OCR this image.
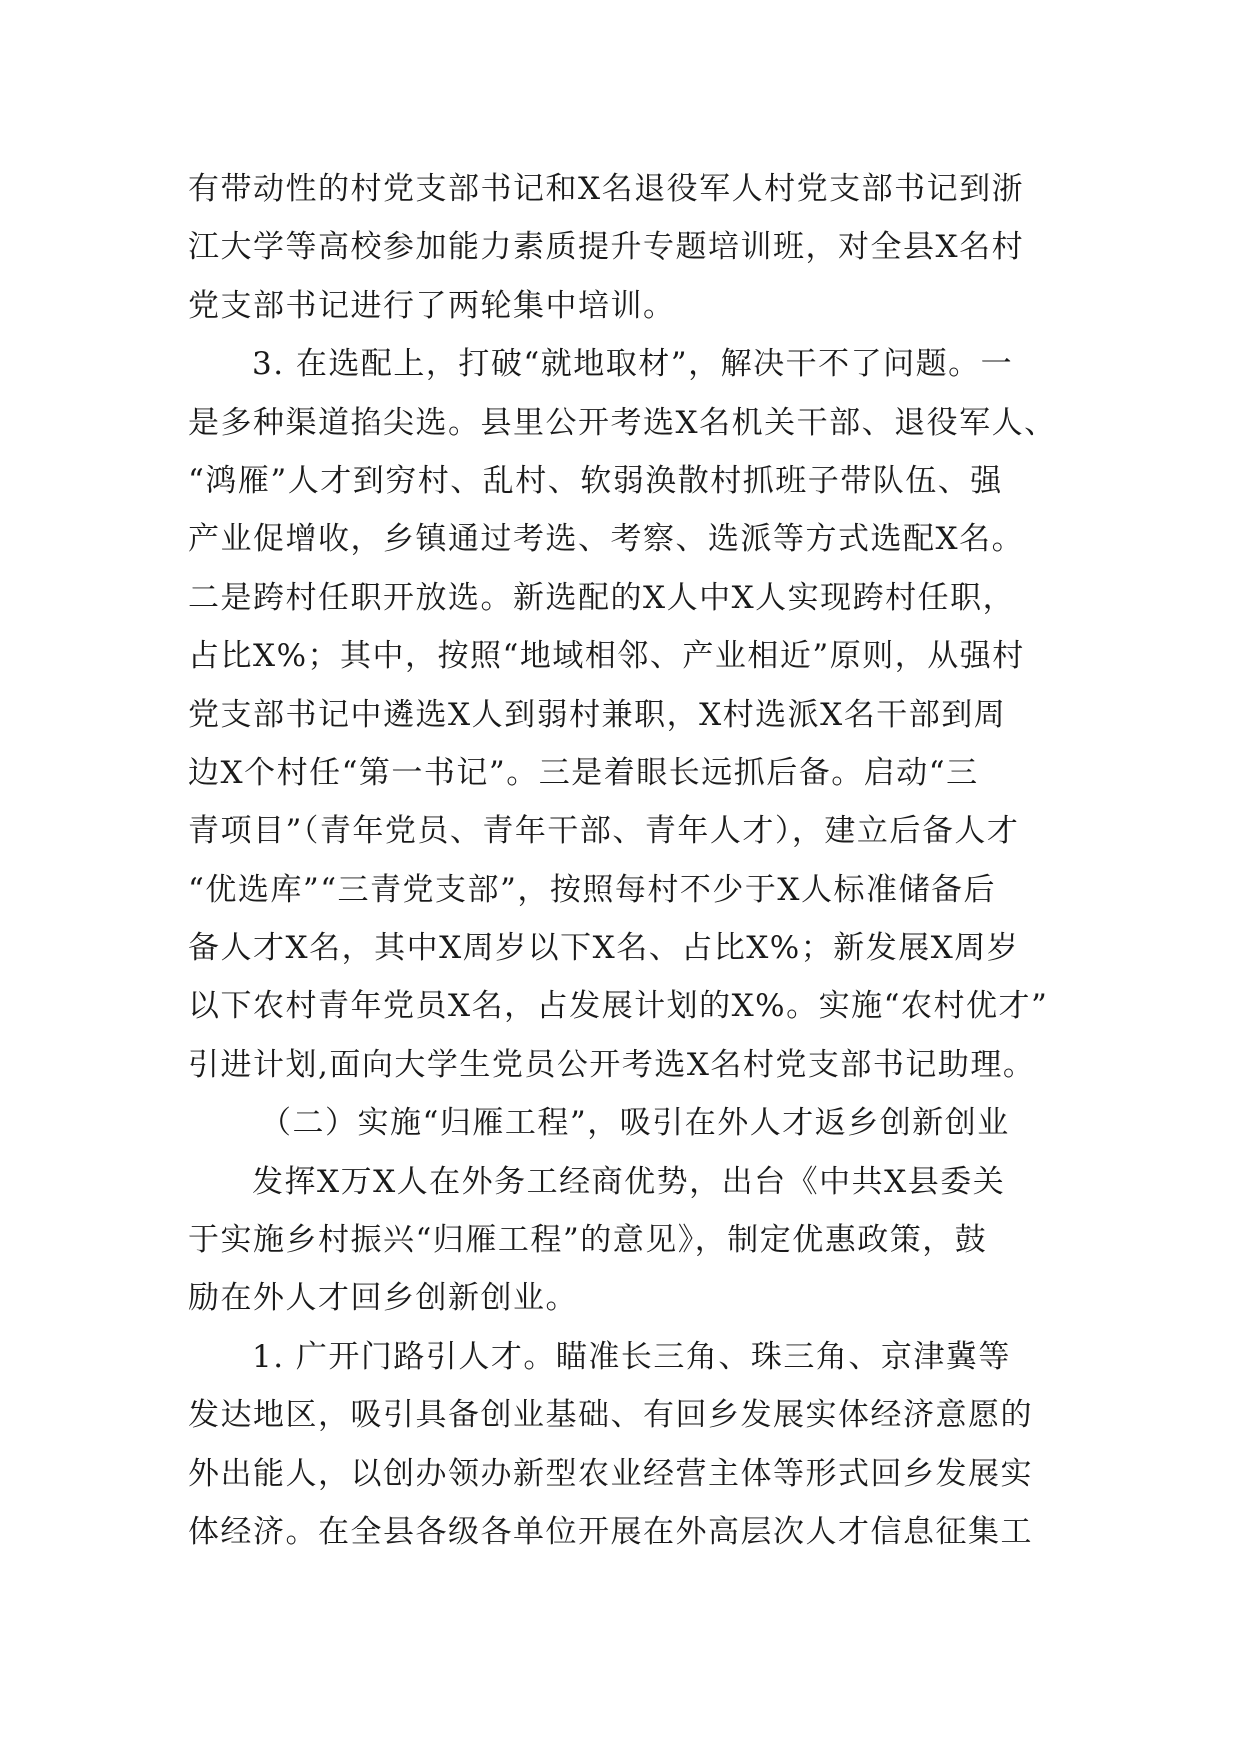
有带动性的村党支部书记和X名退役军人村党支部书记到浙
江大学等高校参加能力素质提升专题培训班，对全县X名村
党支部书记进行了两轮集中培训。
3. 在选配上，打破“就地取材”，解决干不了问题。一
是多种渠道掐尖选。县里公开考选X名机关干部、退役军人、
“鸿雁”人才到穷村、乱村、软弱涣散村抓班子带队伍、强
产业促增收，乡镇通过考选、考察、选派等方式选配X名。
二是跨村任职开放选。新选配的X人中X人实现跨村任职，
占比X%；其中，按照“地域相邻、产业相近”原则，从强村
党支部书记中遴选X人到弱村兼职，X村选派X名干部到周
边X个村任“第一书记”。三是着眼长远抓后备。启动“三
青项目”（青年党员、青年干部、青年人才），建立后备人才
“优选库”“三青党支部”，按照每村不少于X人标准储备后
备人才X名，其中X周岁以下X名、占比X%；新发展X周岁
以下农村青年党员X名，占发展计划的X%。实施“农村优才”
引进计划,面向大学生党员公开考选X名村党支部书记助理。
（二）实施“归雁工程”，吸引在外人才返乡创新创业
发挥X万X人在外务工经商优势，出台《中共X县委关
于实施乡村振兴“归雁工程”的意见》，制定优惠政策，鼓
励在外人才回乡创新创业。
1. 广开门路引人才。瞄准长三角、珠三角、京津冀等
发达地区，吸引具备创业基础、有回乡发展实体经济意愿的
外出能人，以创办领办新型农业经营主体等形式回乡发展实
体经济。在全县各级各单位开展在外高层次人才信息征集工
